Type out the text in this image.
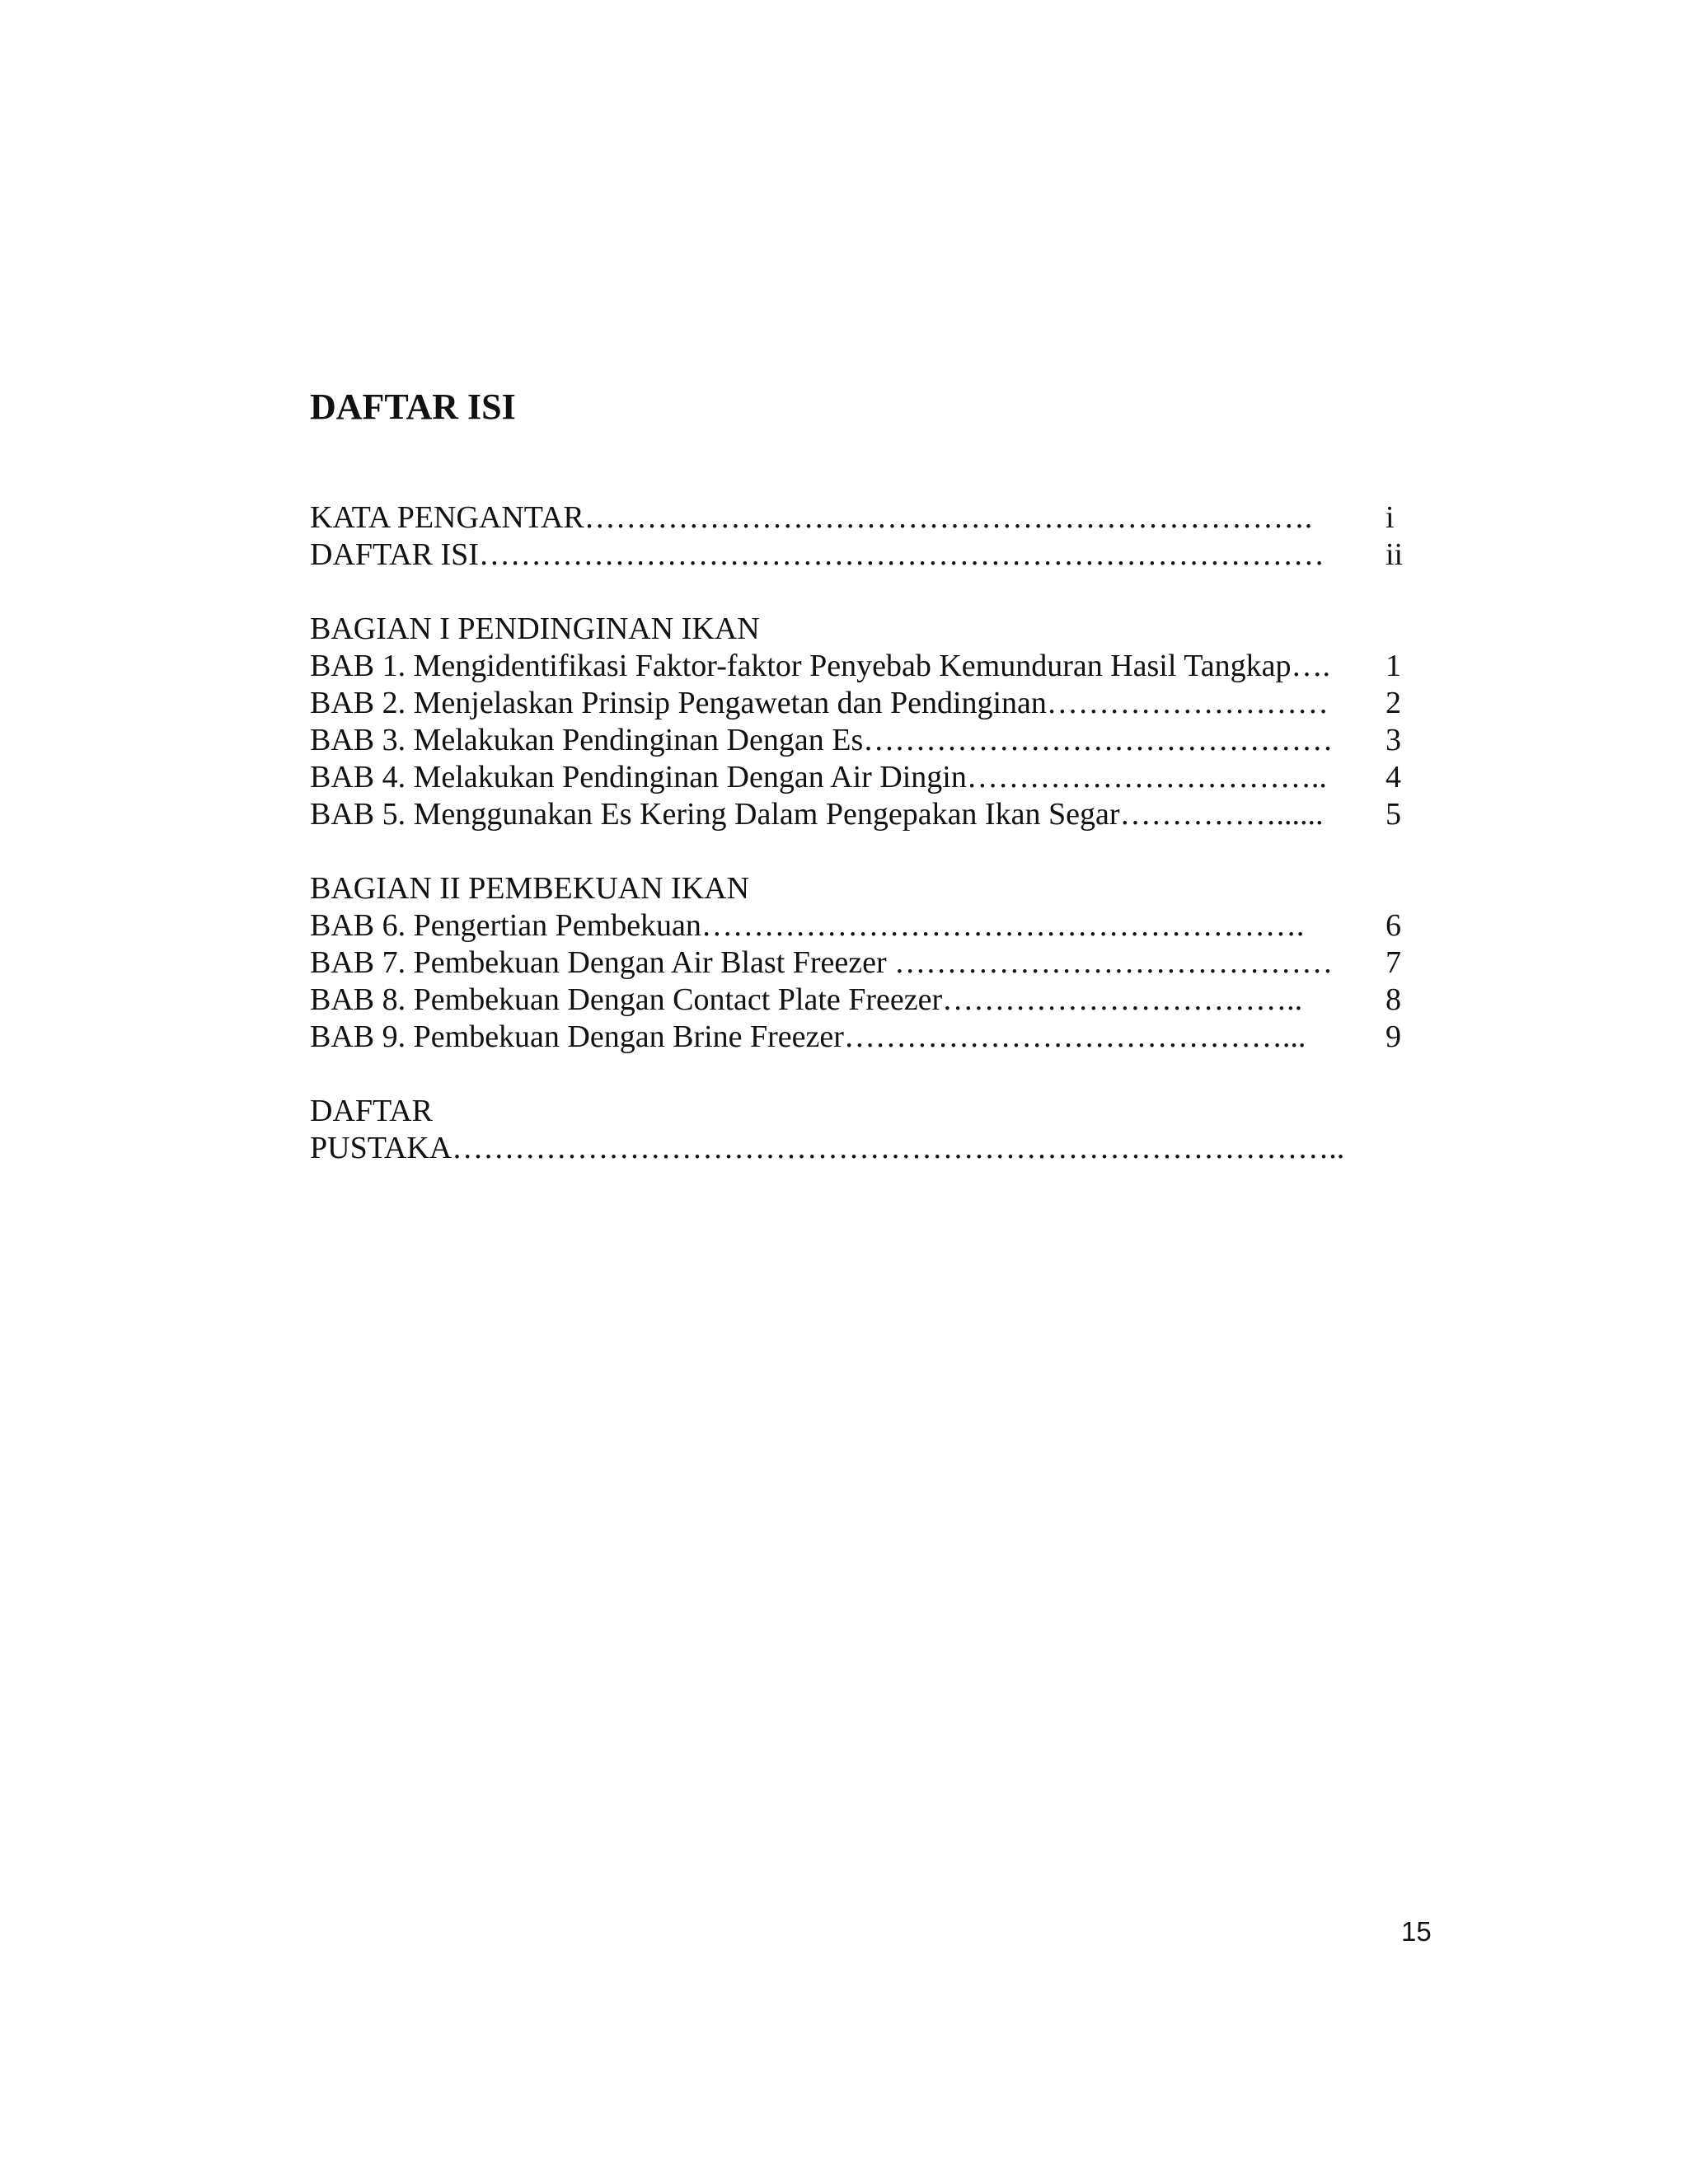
DAFTAR ISI
KATA PENGANTAR……………………………………………………………. i
DAFTAR ISI……………………………………………………………………… ii
BAGIAN I PENDINGINAN IKAN
BAB 1. Mengidentifikasi Faktor-faktor Penyebab Kemunduran Hasil Tangkap…. 1
BAB 2. Menjelaskan Prinsip Pengawetan dan Pendinginan……………………… 2
BAB 3. Melakukan Pendinginan Dengan Es……………………………………… 3
BAB 4. Melakukan Pendinginan Dengan Air Dingin…………………………….. 4
BAB 5. Menggunakan Es Kering Dalam Pengepakan Ikan Segar……………...... 5
BAGIAN II PEMBEKUAN IKAN
BAB 6. Pengertian Pembekuan………………………………………………….	6
BAB 7. Pembekuan Dengan Air Blast Freezer …………………………………… 7
BAB 8. Pembekuan Dengan Contact Plate Freezer……………………………..	8
BAB 9. Pembekuan Dengan Brine Freezer……………………………………...	9
DAFTAR
PUSTAKA…………………………………………………………………………..
15
